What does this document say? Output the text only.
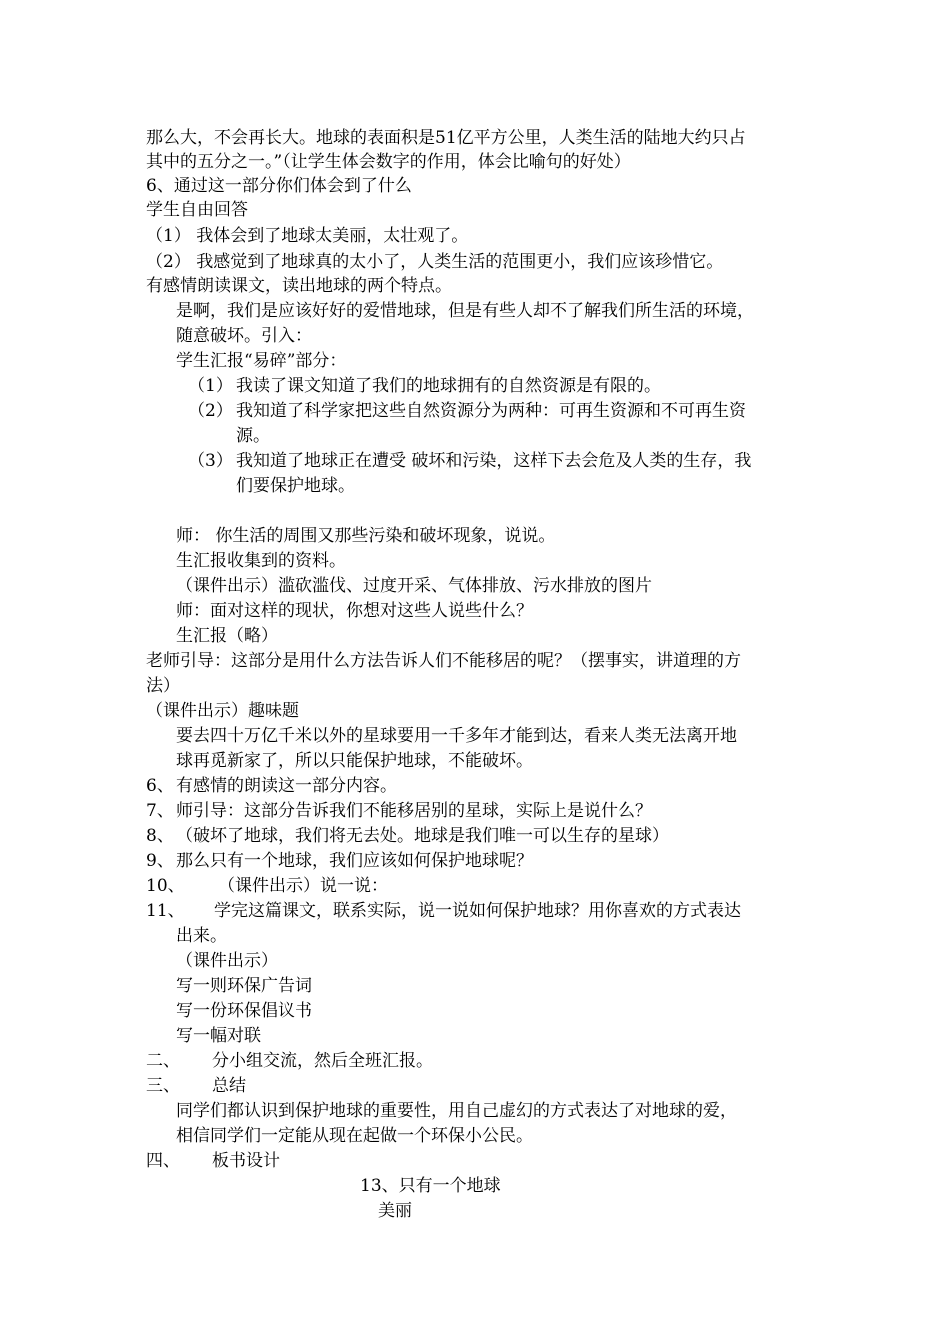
那么大，不会再长大。地球的表面积是51亿平方公里，人类生活的陆地大约只占
其中的五分之一。”（让学生体会数字的作用，体会比喻句的好处）
6、通过这一部分你们体会到了什么
学生自由回答
（1） 我体会到了地球太美丽，太壮观了。
（2） 我感觉到了地球真的太小了，人类生活的范围更小，我们应该珍惜它。
有感情朗读课文，读出地球的两个特点。
是啊，我们是应该好好的爱惜地球，但是有些人却不了解我们所生活的环境，
随意破坏。引入：
学生汇报“易碎”部分：
（1） 我读了课文知道了我们的地球拥有的自然资源是有限的。
（2） 我知道了科学家把这些自然资源分为两种：可再生资源和不可再生资
源。
（3） 我知道了地球正在遭受 破坏和污染，这样下去会危及人类的生存，我
们要保护地球。
师： 你生活的周围又那些污染和破坏现象，说说。
生汇报收集到的资料。
（课件出示）滥砍滥伐、过度开采、气体排放、污水排放的图片
师：面对这样的现状，你想对这些人说些什么？
生汇报（略）
老师引导：这部分是用什么方法告诉人们不能移居的呢？（摆事实，讲道理的方
法）
（课件出示）趣味题
要去四十万亿千米以外的星球要用一千多年才能到达，看来人类无法离开地
球再觅新家了，所以只能保护地球，不能破坏。
6、 有感情的朗读这一部分内容。
7、 师引导：这部分告诉我们不能移居别的星球，实际上是说什么？
8、 （破坏了地球，我们将无去处。地球是我们唯一可以生存的星球）
9、 那么只有一个地球，我们应该如何保护地球呢？
10、 （课件出示）说一说：
11、 学完这篇课文，联系实际，说一说如何保护地球？用你喜欢的方式表达
出来。
（课件出示）
写一则环保广告词
写一份环保倡议书
写一幅对联
二、 分小组交流，然后全班汇报。
三、 总结
同学们都认识到保护地球的重要性，用自己虚幻的方式表达了对地球的爱，
相信同学们一定能从现在起做一个环保小公民。
四、 板书设计
13、只有一个地球
美丽
